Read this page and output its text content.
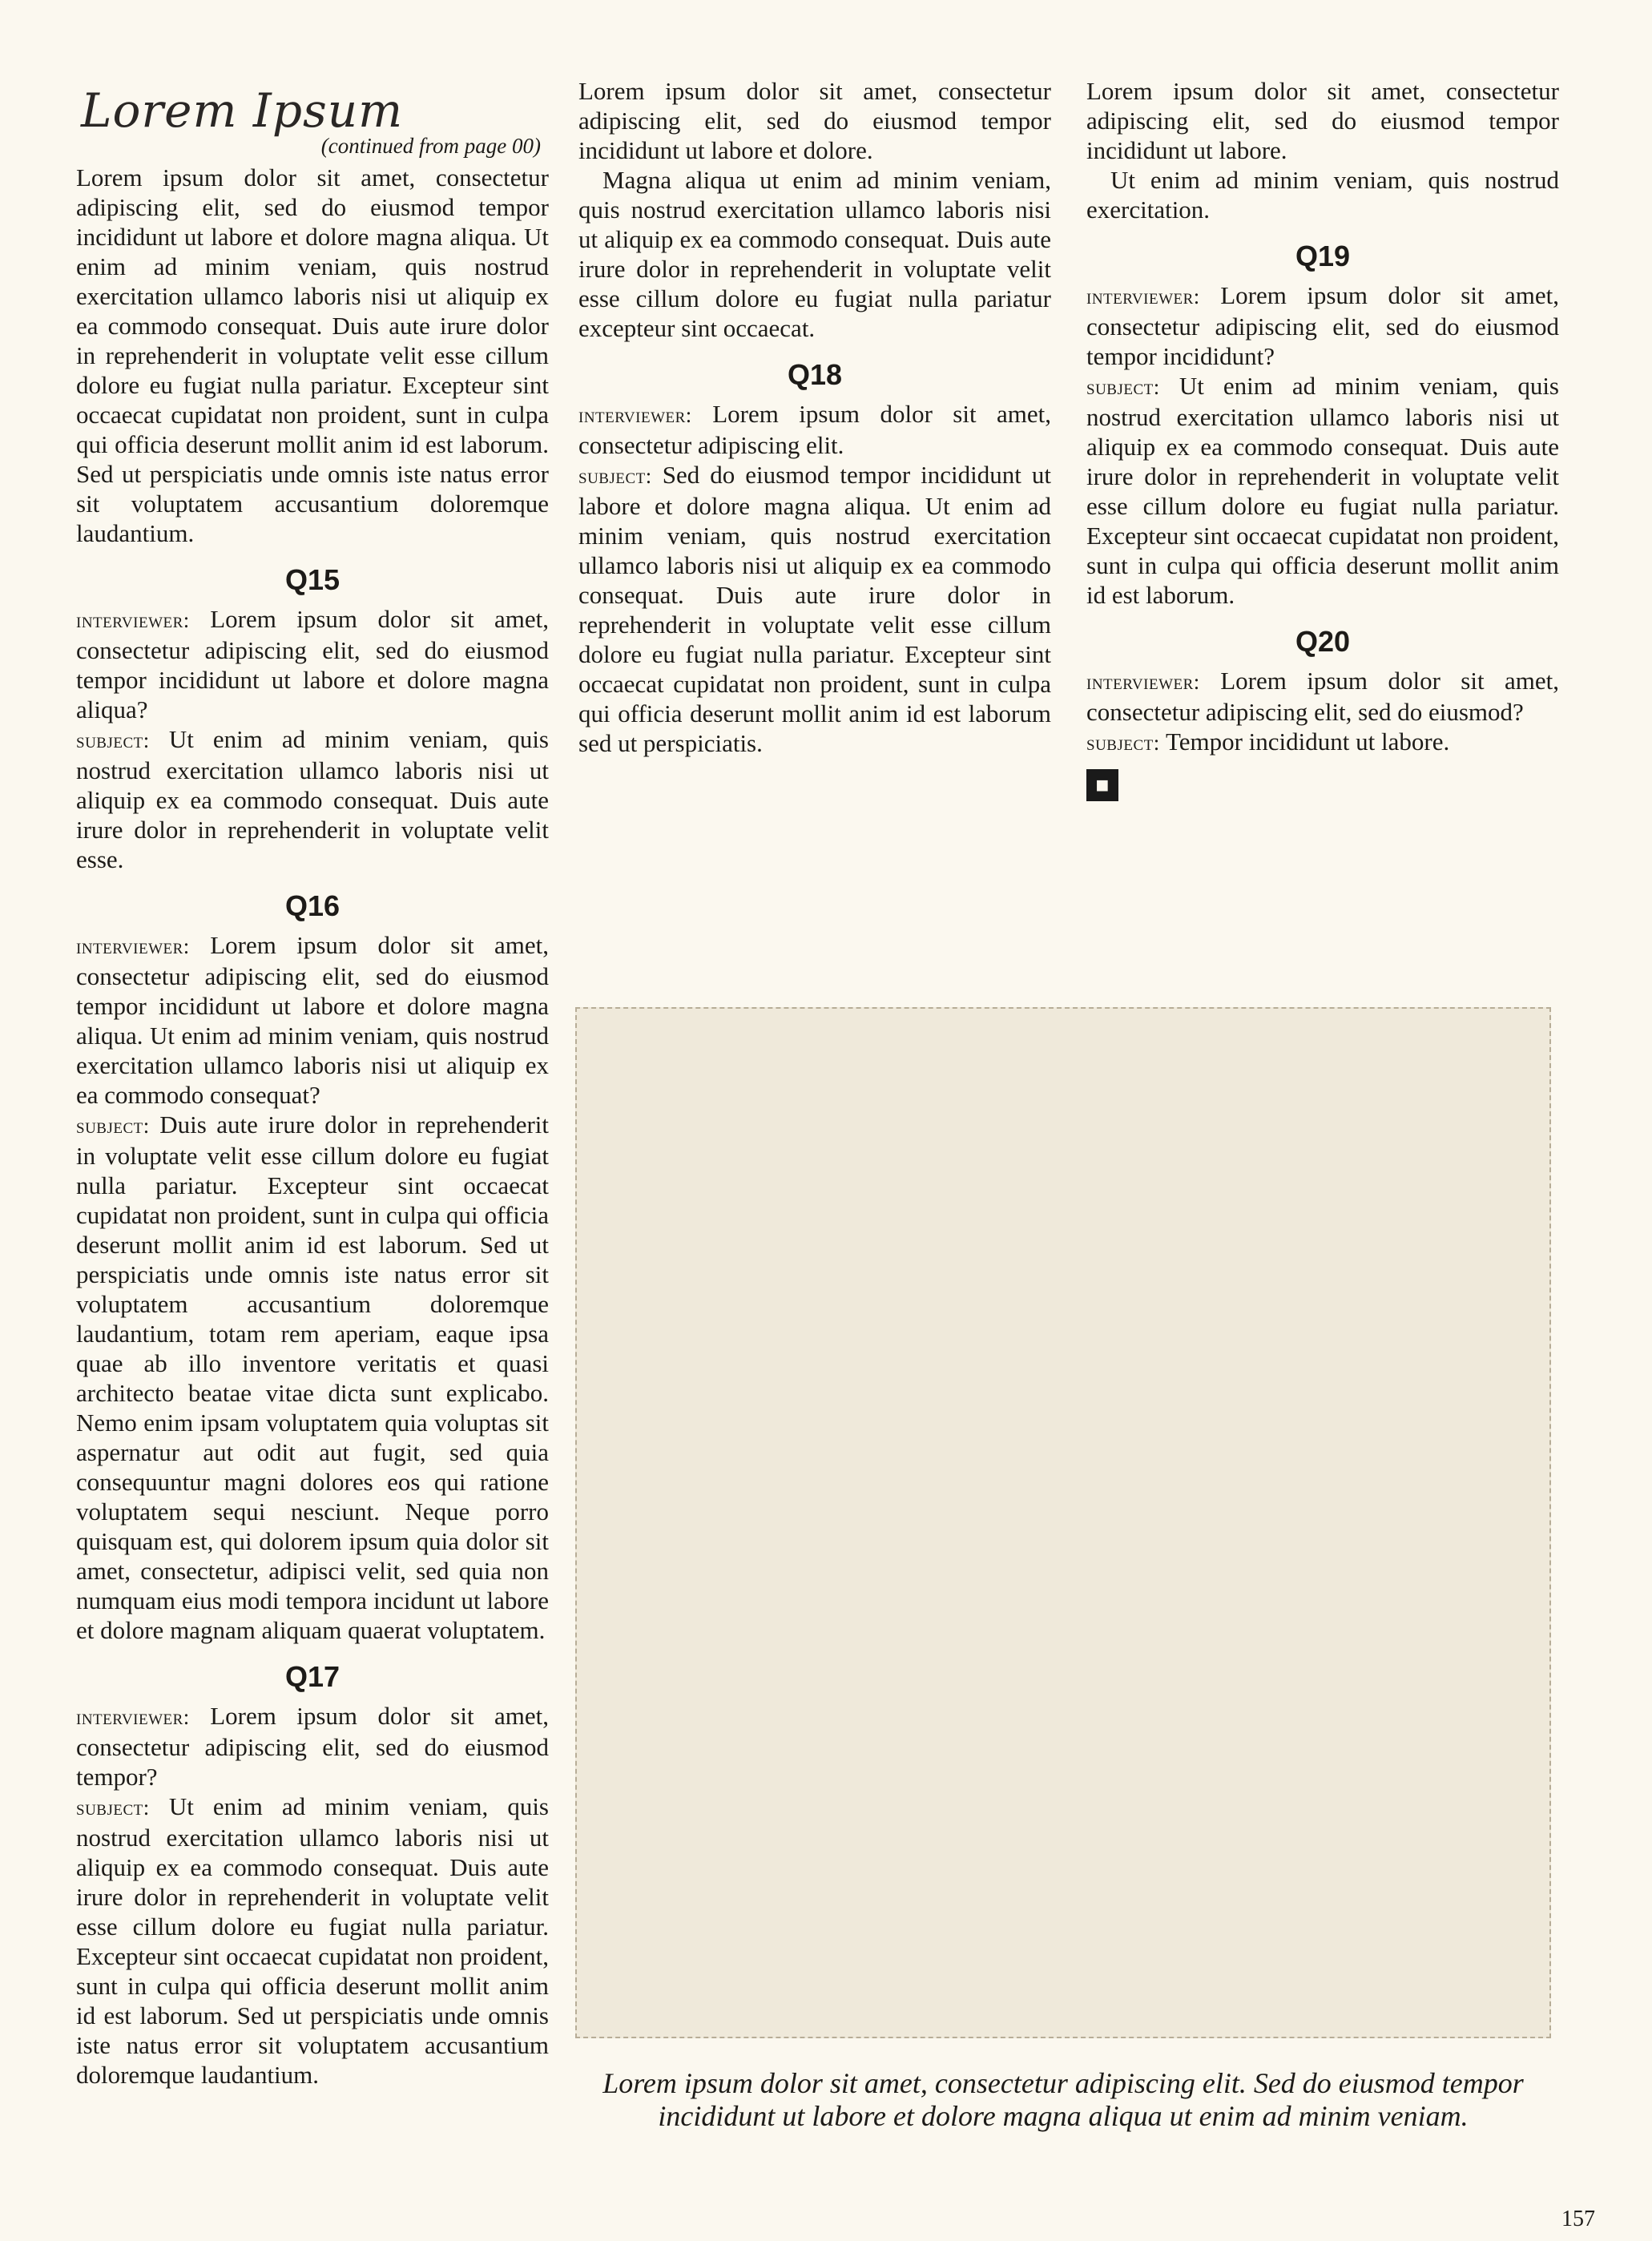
Lorem Ipsum
(continued from page 00)

Lorem ipsum dolor sit amet, consectetur adipiscing elit, sed do eiusmod tempor incididunt ut labore et dolore magna aliqua. Ut enim ad minim veniam, quis nostrud exercitation ullamco laboris nisi ut aliquip ex ea commodo consequat. Duis aute irure dolor in reprehenderit in voluptate velit esse cillum dolore eu fugiat nulla pariatur. Excepteur sint occaecat cupidatat non proident, sunt in culpa qui officia deserunt mollit anim id est laborum. Sed ut perspiciatis unde omnis iste natus error sit voluptatem accusantium doloremque laudantium.

Q15

interviewer: Lorem ipsum dolor sit amet, consectetur adipiscing elit, sed do eiusmod tempor incididunt ut labore et dolore magna aliqua?

subject: Ut enim ad minim veniam, quis nostrud exercitation ullamco laboris nisi ut aliquip ex ea commodo consequat. Duis aute irure dolor in reprehenderit in voluptate velit esse.

Q16

interviewer: Lorem ipsum dolor sit amet, consectetur adipiscing elit, sed do eiusmod tempor incididunt ut labore et dolore magna aliqua. Ut enim ad minim veniam, quis nostrud exercitation ullamco laboris nisi ut aliquip ex ea commodo consequat?

subject: Duis aute irure dolor in reprehenderit in voluptate velit esse cillum dolore eu fugiat nulla pariatur. Excepteur sint occaecat cupidatat non proident, sunt in culpa qui officia deserunt mollit anim id est laborum. Sed ut perspiciatis unde omnis iste natus error sit voluptatem accusantium doloremque laudantium, totam rem aperiam, eaque ipsa quae ab illo inventore veritatis et quasi architecto beatae vitae dicta sunt explicabo. Nemo enim ipsam voluptatem quia voluptas sit aspernatur aut odit aut fugit, sed quia consequuntur magni dolores eos qui ratione voluptatem sequi nesciunt. Neque porro quisquam est, qui dolorem ipsum quia dolor sit amet, consectetur, adipisci velit, sed quia non numquam eius modi tempora incidunt ut labore et dolore magnam aliquam quaerat voluptatem.

Q17

interviewer: Lorem ipsum dolor sit amet, consectetur adipiscing elit, sed do eiusmod tempor?

subject: Ut enim ad minim veniam, quis nostrud exercitation ullamco laboris nisi ut aliquip ex ea commodo consequat. Duis aute irure dolor in reprehenderit in voluptate velit esse cillum dolore eu fugiat nulla pariatur. Excepteur sint occaecat cupidatat non proident, sunt in culpa qui officia deserunt mollit anim id est laborum. Sed ut perspiciatis unde omnis iste natus error sit voluptatem accusantium doloremque laudantium.

Lorem ipsum dolor sit amet, consectetur adipiscing elit, sed do eiusmod tempor incididunt ut labore et dolore.

Magna aliqua ut enim ad minim veniam, quis nostrud exercitation ullamco laboris nisi ut aliquip ex ea commodo consequat. Duis aute irure dolor in reprehenderit in voluptate velit esse cillum dolore eu fugiat nulla pariatur excepteur sint occaecat.

Q18

interviewer: Lorem ipsum dolor sit amet, consectetur adipiscing elit.

subject: Sed do eiusmod tempor incididunt ut labore et dolore magna aliqua. Ut enim ad minim veniam, quis nostrud exercitation ullamco laboris nisi ut aliquip ex ea commodo consequat. Duis aute irure dolor in reprehenderit in voluptate velit esse cillum dolore eu fugiat nulla pariatur. Excepteur sint occaecat cupidatat non proident, sunt in culpa qui officia deserunt mollit anim id est laborum sed ut perspiciatis.

Lorem ipsum dolor sit amet, consectetur adipiscing elit, sed do eiusmod tempor incididunt ut labore.

Ut enim ad minim veniam, quis nostrud exercitation.

Q19

interviewer: Lorem ipsum dolor sit amet, consectetur adipiscing elit, sed do eiusmod tempor incididunt?

subject: Ut enim ad minim veniam, quis nostrud exercitation ullamco laboris nisi ut aliquip ex ea commodo consequat. Duis aute irure dolor in reprehenderit in voluptate velit esse cillum dolore eu fugiat nulla pariatur. Excepteur sint occaecat cupidatat non proident, sunt in culpa qui officia deserunt mollit anim id est laborum.

Q20

interviewer: Lorem ipsum dolor sit amet, consectetur adipiscing elit, sed do eiusmod?

subject: Tempor incididunt ut labore.

■
Lorem ipsum dolor sit amet, consectetur adipiscing elit. Sed do eiusmod tempor incididunt ut labore et dolore magna aliqua ut enim ad minim veniam.
157
